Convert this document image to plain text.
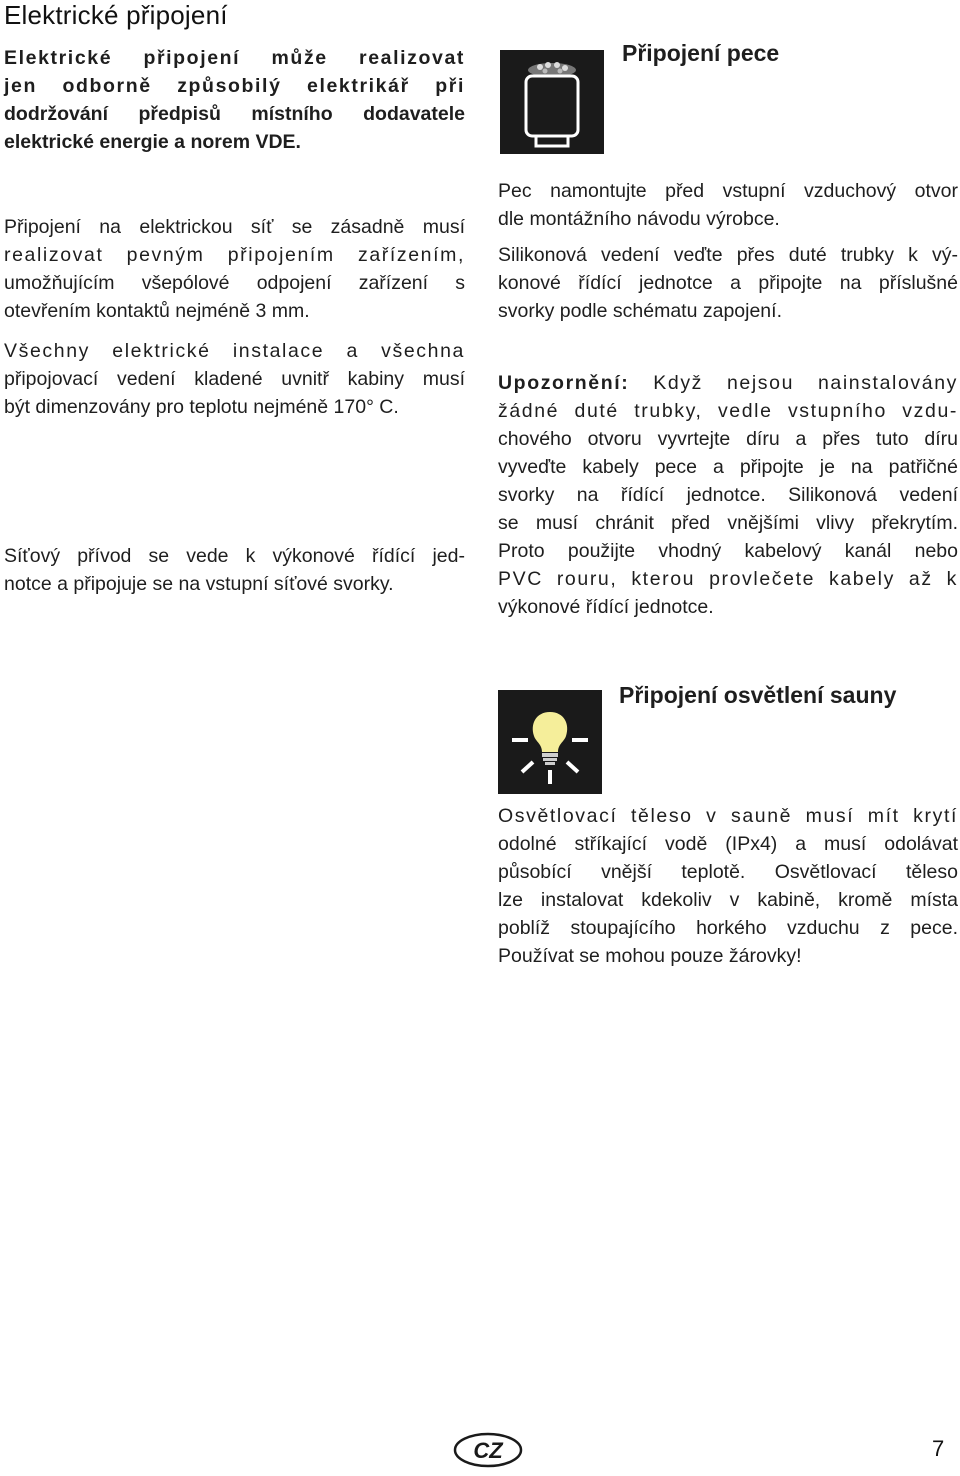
Elektrické připojení

Elektrické připojení může realizovat

jen odborně způsobilý elektrikář při

dodržování předpisů místního dodavatele

elektrické energie a norem VDE.

Připojení na elektrickou síť se zásadně musí

realizovat pevným připojením zařízením,

umožňujícím všepólové odpojení zařízení s

otevřením kontaktů nejméně 3 mm.

Všechny elektrické instalace a všechna

připojovací vedení kladené uvnitř kabiny musí

být dimenzovány pro teplotu nejméně 170° C.

Síťový přívod se vede k výkonové řídící jed-

notce a připojuje se na vstupní síťové svorky.

Připojení pece

Pec namontujte před vstupní vzduchový otvor

dle montážního návodu výrobce.

Silikonová vedení veďte přes duté trubky k vý-

konové řídící jednotce a připojte na příslušné

svorky podle schématu zapojení.

Upozornění: Když nejsou nainstalovány

žádné duté trubky, vedle vstupního vzdu-

chového otvoru vyvrtejte díru a přes tuto díru

vyveďte kabely pece a připojte je na patřičné

svorky na řídící jednotce. Silikonová vedení

se musí chránit před vnějšími vlivy překrytím.

Proto použijte vhodný kabelový kanál nebo

PVC rouru, kterou provlečete kabely až k

výkonové řídící jednotce.

Připojení osvětlení sauny

Osvětlovací těleso v sauně musí mít krytí

odolné stříkající vodě (IPx4) a musí odolávat

působící vnější teplotě. Osvětlovací těleso

lze instalovat kdekoliv v kabině, kromě místa

poblíž stoupajícího horkého vzduchu z pece.

Používat se mohou pouze žárovky!

CZ	7
